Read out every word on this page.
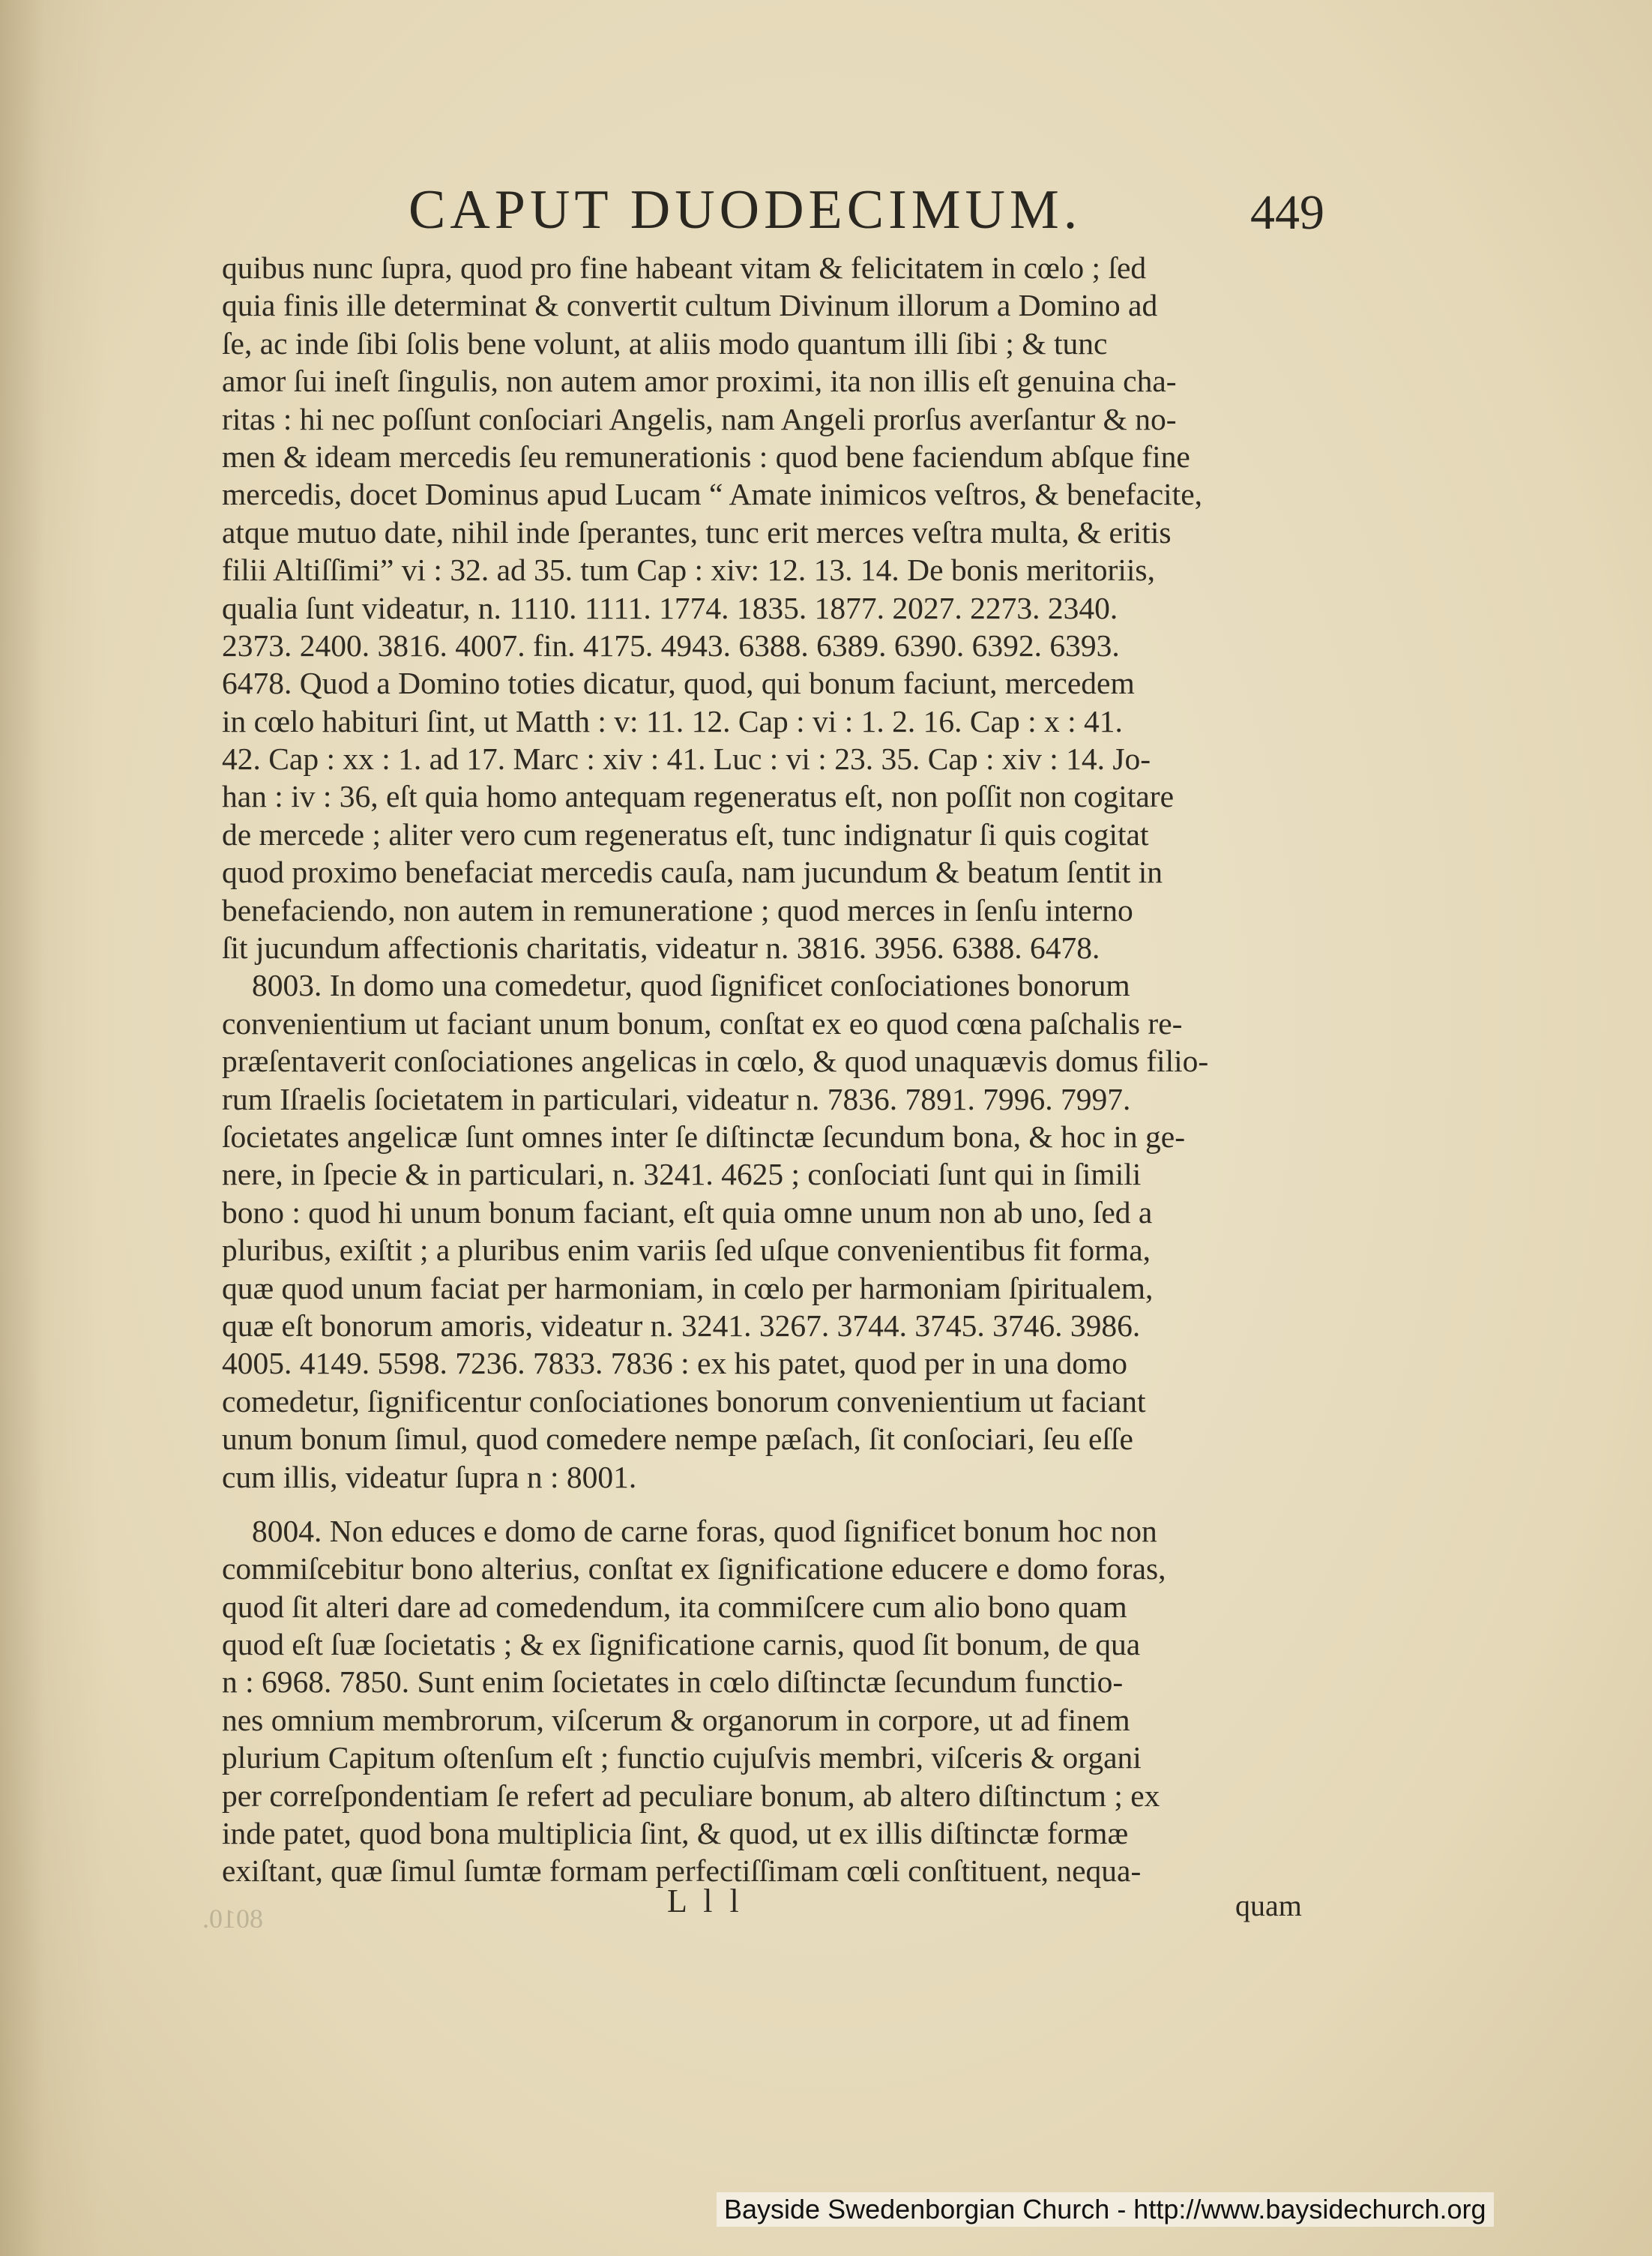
CAPUT DUODECIMUM.	449
quibus nunc ſupra, quod pro fine habeant vitam & felicitatem in cœlo ; ſed
quia finis ille determinat & convertit cultum Divinum illorum a Domino ad
ſe, ac inde ſibi ſolis bene volunt, at aliis modo quantum illi ſibi ; & tunc
amor ſui ineſt ſingulis, non autem amor proximi, ita non illis eſt genuina cha-
ritas : hi nec poſſunt conſociari Angelis, nam Angeli prorſus averſantur & no-
men & ideam mercedis ſeu remunerationis : quod bene faciendum abſque fine
mercedis, docet Dominus apud Lucam “ Amate inimicos veſtros, & benefacite,
atque mutuo date, nihil inde ſperantes, tunc erit merces veſtra multa, & eritis
filii Altiſſimi” vi : 32. ad 35. tum Cap : xiv: 12. 13. 14. De bonis meritoriis,
qualia ſunt videatur, n. 1110. 1111. 1774. 1835. 1877. 2027. 2273. 2340.
2373. 2400. 3816. 4007. fin. 4175. 4943. 6388. 6389. 6390. 6392. 6393.
6478. Quod a Domino toties dicatur, quod, qui bonum faciunt, mercedem
in cœlo habituri ſint, ut Matth : v: 11. 12. Cap : vi : 1. 2. 16. Cap : x : 41.
42. Cap : xx : 1. ad 17. Marc : xiv : 41. Luc : vi : 23. 35. Cap : xiv : 14. Jo-
han : iv : 36, eſt quia homo antequam regeneratus eſt, non poſſit non cogitare
de mercede ; aliter vero cum regeneratus eſt, tunc indignatur ſi quis cogitat
quod proximo benefaciat mercedis cauſa, nam jucundum & beatum ſentit in
benefaciendo, non autem in remuneratione ; quod merces in ſenſu interno
ſit jucundum affectionis charitatis, videatur n. 3816. 3956. 6388. 6478.
8003. In domo una comedetur, quod ſignificet conſociationes bonorum
convenientium ut faciant unum bonum, conſtat ex eo quod cœna paſchalis re-
præſentaverit conſociationes angelicas in cœlo, & quod unaquævis domus filio-
rum Iſraelis ſocietatem in particulari, videatur n. 7836. 7891. 7996. 7997.
ſocietates angelicæ ſunt omnes inter ſe diſtinctæ ſecundum bona, & hoc in ge-
nere, in ſpecie & in particulari, n. 3241. 4625 ; conſociati ſunt qui in ſimili
bono : quod hi unum bonum faciant, eſt quia omne unum non ab uno, ſed a
pluribus, exiſtit ; a pluribus enim variis ſed uſque convenientibus fit forma,
quæ quod unum faciat per harmoniam, in cœlo per harmoniam ſpiritualem,
quæ eſt bonorum amoris, videatur n. 3241. 3267. 3744. 3745. 3746. 3986.
4005. 4149. 5598. 7236. 7833. 7836 : ex his patet, quod per in una domo
comedetur, ſignificentur conſociationes bonorum convenientium ut faciant
unum bonum ſimul, quod comedere nempe pæſach, ſit conſociari, ſeu eſſe
cum illis, videatur ſupra n : 8001.
8004. Non educes e domo de carne foras, quod ſignificet bonum hoc non
commiſcebitur bono alterius, conſtat ex ſignificatione educere e domo foras,
quod ſit alteri dare ad comedendum, ita commiſcere cum alio bono quam
quod eſt ſuæ ſocietatis ; & ex ſignificatione carnis, quod ſit bonum, de qua
n : 6968. 7850. Sunt enim ſocietates in cœlo diſtinctæ ſecundum functio-
nes omnium membrorum, viſcerum & organorum in corpore, ut ad finem
plurium Capitum oſtenſum eſt ; functio cujuſvis membri, viſceris & organi
per correſpondentiam ſe refert ad peculiare bonum, ab altero diſtinctum ; ex
inde patet, quod bona multiplicia ſint, & quod, ut ex illis diſtinctæ formæ
exiſtant, quæ ſimul ſumtæ formam perfectiſſimam cœli conſtituent, nequa-
L l l	quam
8010.
Bayside Swedenborgian Church - http://www.baysidechurch.org
